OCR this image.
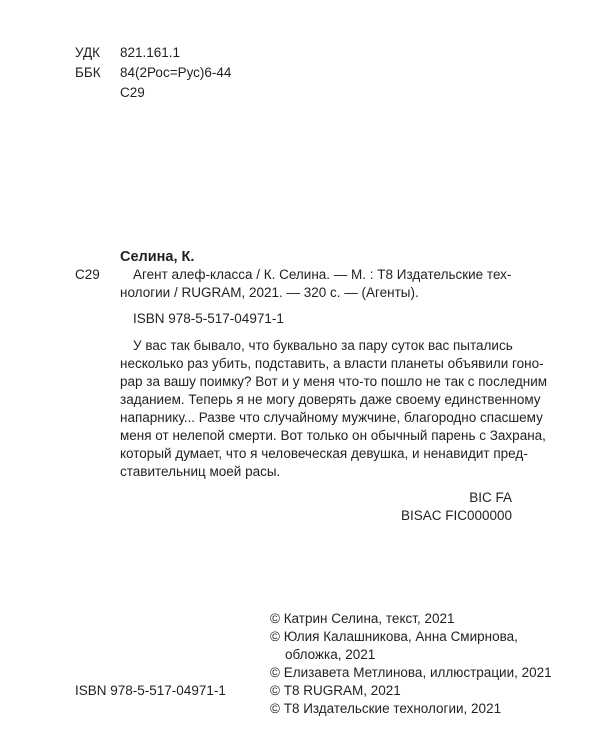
УДК 821.161.1
ББК 84(2Рос=Рус)6-44
С29
Селина, К.
С29 Агент алеф-класса / К. Селина. — М. : Т8 Издательские тех-
нологии / RUGRAM, 2021. — 320 с. — (Агенты).
ISBN 978-5-517-04971-1
У вас так бывало, что буквально за пару суток вас пытались
несколько раз убить, подставить, а власти планеты объявили гоно-
рар за вашу поимку? Вот и у меня что-то пошло не так с последним
заданием. Теперь я не могу доверять даже своему единственному
напарнику... Разве что случайному мужчине, благородно спасшему
меня от нелепой смерти. Вот только он обычный парень с Захрана,
который думает, что я человеческая девушка, и ненавидит пред-
ставительниц моей расы.
BIC FA
BISAC FIC000000
© Катрин Селина, текст, 2021
© Юлия Калашникова, Анна Смирнова,
обложка, 2021
© Елизавета Метлинова, иллюстрации, 2021
© Т8 RUGRAM, 2021
© Т8 Издательские технологии, 2021
ISBN 978-5-517-04971-1
